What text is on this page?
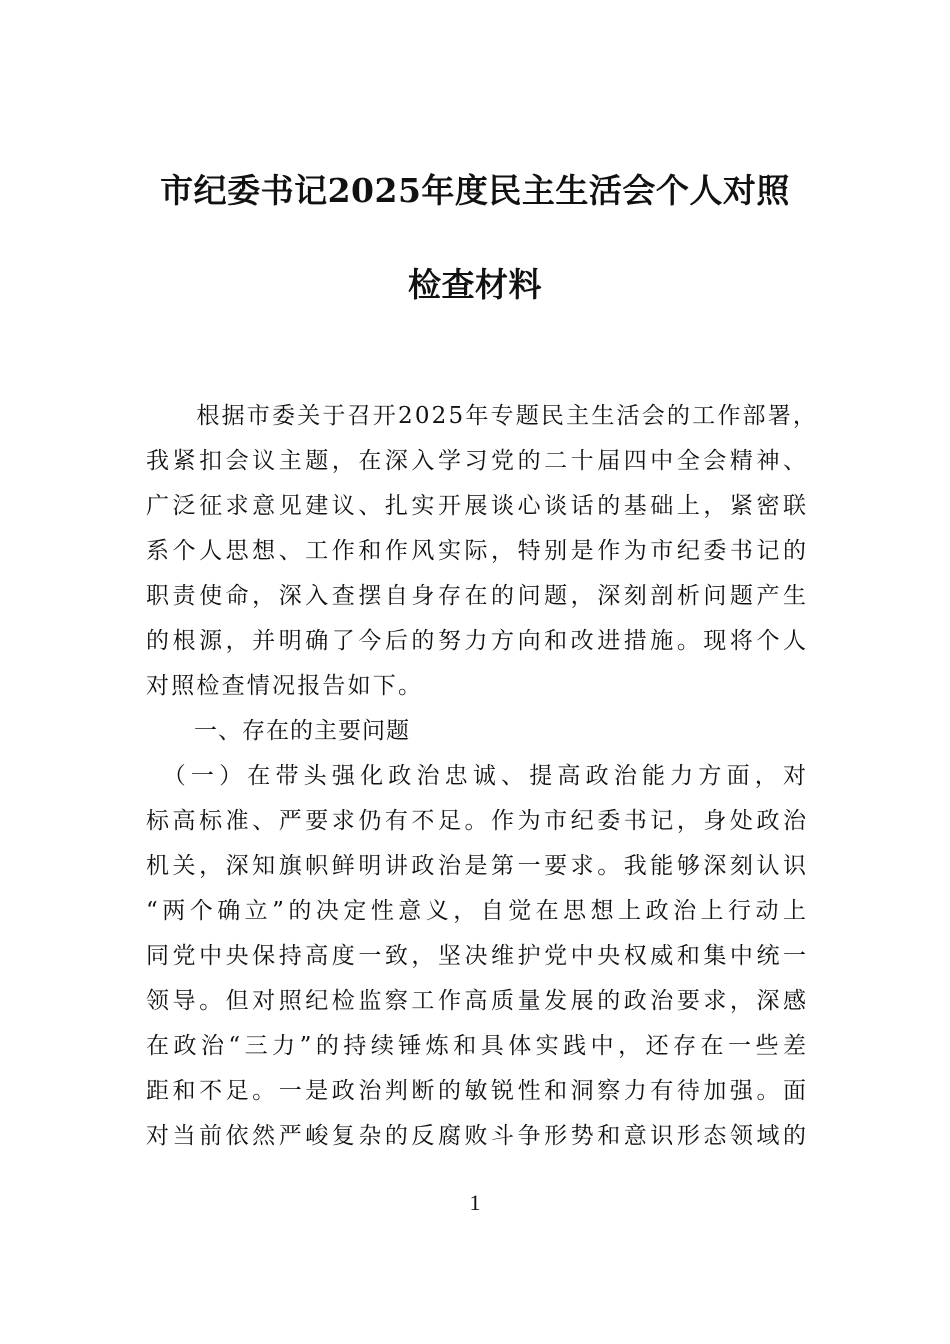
市纪委书记2025年度民主生活会个人对照
检查材料
　　根据市委关于召开2025年专题民主生活会的工作部署，
我紧扣会议主题，在深入学习党的二十届四中全会精神、
广泛征求意见建议、扎实开展谈心谈话的基础上，紧密联
系个人思想、工作和作风实际，特别是作为市纪委书记的
职责使命，深入查摆自身存在的问题，深刻剖析问题产生
的根源，并明确了今后的努力方向和改进措施。现将个人
对照检查情况报告如下。
一、存在的主要问题
　（一）在带头强化政治忠诚、提高政治能力方面，对
标高标准、严要求仍有不足。作为市纪委书记，身处政治
机关，深知旗帜鲜明讲政治是第一要求。我能够深刻认识
“两个确立”的决定性意义，自觉在思想上政治上行动上
同党中央保持高度一致，坚决维护党中央权威和集中统一
领导。但对照纪检监察工作高质量发展的政治要求，深感
在政治“三力”的持续锤炼和具体实践中，还存在一些差
距和不足。一是政治判断的敏锐性和洞察力有待加强。面
对当前依然严峻复杂的反腐败斗争形势和意识形态领域的
1
